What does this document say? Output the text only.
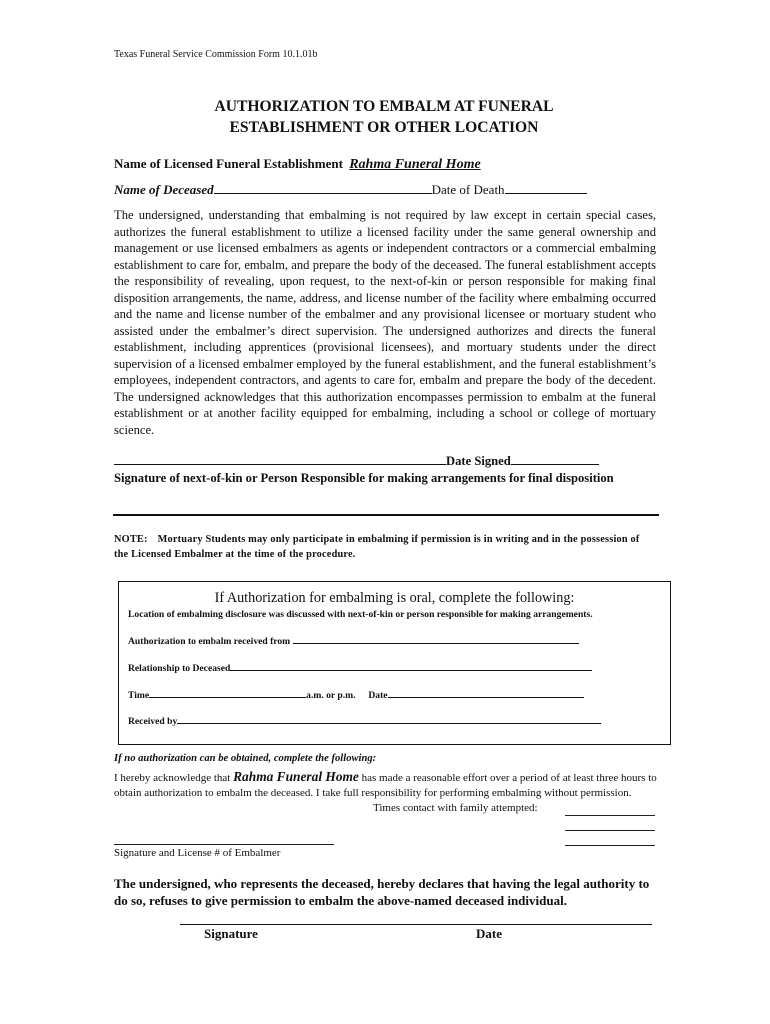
Texas Funeral Service Commission Form 10.1.01b
AUTHORIZATION TO EMBALM AT FUNERAL
ESTABLISHMENT OR OTHER LOCATION
Name of Licensed Funeral Establishment Rahma Funeral Home
Name of Deceased	Date of Death
The undersigned, understanding that embalming is not required by law except in certain special cases, authorizes the funeral establishment to utilize a licensed facility under the same general ownership and management or use licensed embalmers as agents or independent contractors or a commercial embalming establishment to care for, embalm, and prepare the body of the deceased. The funeral establishment accepts the responsibility of revealing, upon request, to the next-of-kin or person responsible for making final disposition arrangements, the name, address, and license number of the facility where embalming occurred and the name and license number of the embalmer and any provisional licensee or mortuary student who assisted under the embalmer’s direct supervision. The undersigned authorizes and directs the funeral establishment, including apprentices (provisional licensees), and mortuary students under the direct supervision of a licensed embalmer employed by the funeral establishment, and the funeral establishment’s employees, independent contractors, and agents to care for, embalm and prepare the body of the decedent. The undersigned acknowledges that this authorization encompasses permission to embalm at the funeral establishment or at another facility equipped for embalming, including a school or college of mortuary science.
Date Signed
Signature of next-of-kin or Person Responsible for making arrangements for final disposition
NOTE: Mortuary Students may only participate in embalming if permission is in writing and in the possession of the Licensed Embalmer at the time of the procedure.
If Authorization for embalming is oral, complete the following:
Location of embalming disclosure was discussed with next-of-kin or person responsible for making arrangements.
Authorization to embalm received from
Relationship to Deceased
Time	a.m. or p.m. Date
Received by
If no authorization can be obtained, complete the following:
I hereby acknowledge that Rahma Funeral Home has made a reasonable effort over a period of at least three hours to obtain authorization to embalm the deceased. I take full responsibility for performing embalming without permission.
Times contact with family attempted:
Signature and License # of Embalmer
The undersigned, who represents the deceased, hereby declares that having the legal authority to do so, refuses to give permission to embalm the above-named deceased individual.
Signature	Date
